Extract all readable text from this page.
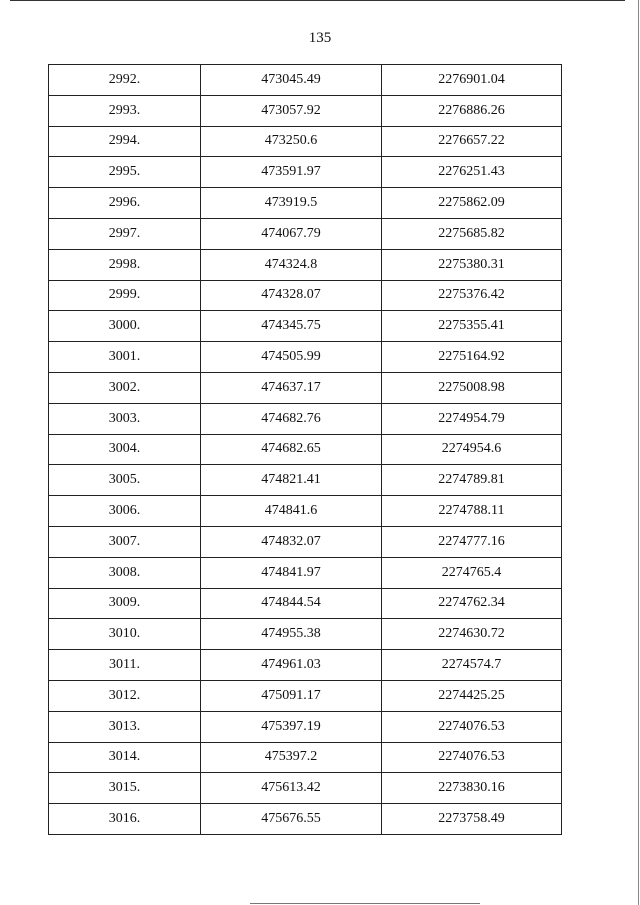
135
2992.	473045.49	2276901.04
2993.	473057.92	2276886.26
2994.	473250.6	2276657.22
2995.	473591.97	2276251.43
2996.	473919.5	2275862.09
2997.	474067.79	2275685.82
2998.	474324.8	2275380.31
2999.	474328.07	2275376.42
3000.	474345.75	2275355.41
3001.	474505.99	2275164.92
3002.	474637.17	2275008.98
3003.	474682.76	2274954.79
3004.	474682.65	2274954.6
3005.	474821.41	2274789.81
3006.	474841.6	2274788.11
3007.	474832.07	2274777.16
3008.	474841.97	2274765.4
3009.	474844.54	2274762.34
3010.	474955.38	2274630.72
3011.	474961.03	2274574.7
3012.	475091.17	2274425.25
3013.	475397.19	2274076.53
3014.	475397.2	2274076.53
3015.	475613.42	2273830.16
3016.	475676.55	2273758.49
